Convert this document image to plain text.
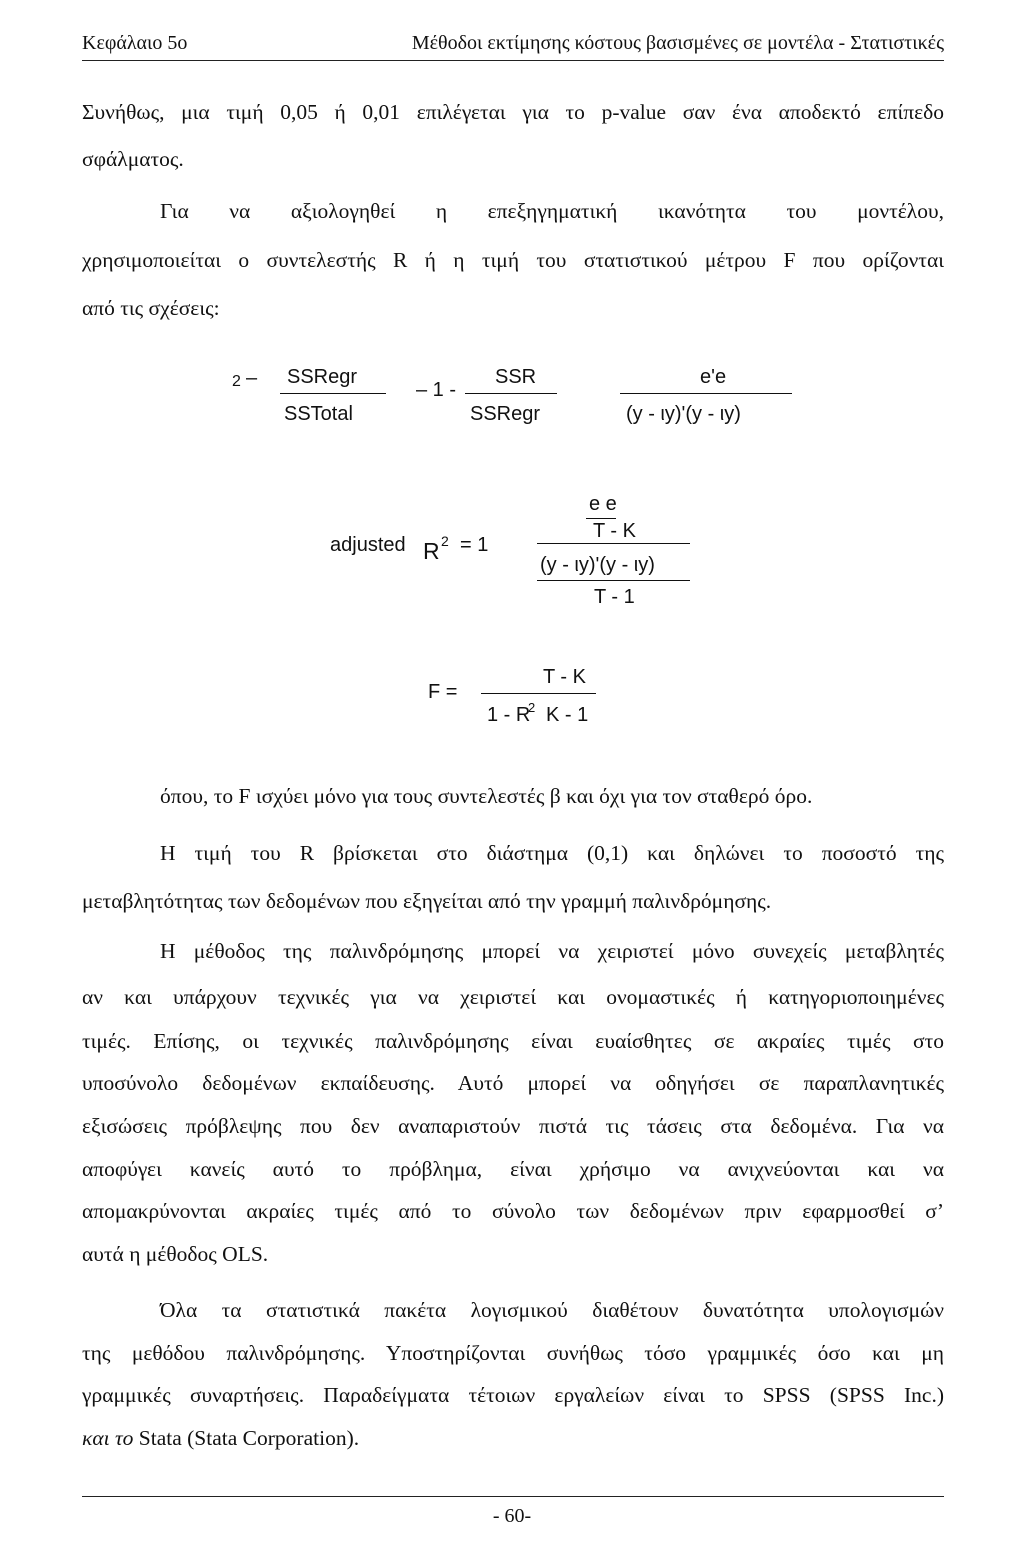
Κεφάλαιο 5ο	Μέθοδοι εκτίμησης κόστους βασισμένες σε μοντέλα - Στατιστικές
Συνήθως, μια τιμή 0,05 ή 0,01 επιλέγεται για το p-value σαν ένα αποδεκτό επίπεδο
σφάλματος.
Για να αξιολογηθεί η επεξηγηματική ικανότητα του μοντέλου,
χρησιμοποιείται ο συντελεστής R ή η τιμή του στατιστικού μέτρου F που ορίζονται
από τις σχέσεις:
2 – SSRegr
SSTotal
– 1 -
SSR
SSRegr
e'e
(y - ιy)'(y - ιy)
adjusted R 2 = 1
e e
T - K
(y - ιy)'(y - ιy)
T - 1
F =
T - K
1 - R
2 K - 1
όπου, το F ισχύει μόνο για τους συντελεστές β και όχι για τον σταθερό όρο.
Η τιμή του R βρίσκεται στο διάστημα (0,1) και δηλώνει το ποσοστό της
μεταβλητότητας των δεδομένων που εξηγείται από την γραμμή παλινδρόμησης.
Η μέθοδος της παλινδρόμησης μπορεί να χειριστεί μόνο συνεχείς μεταβλητές
αν και υπάρχουν τεχνικές για να χειριστεί και ονομαστικές ή κατηγοριοποιημένες
τιμές. Επίσης, οι τεχνικές παλινδρόμησης είναι ευαίσθητες σε ακραίες τιμές στο
υποσύνολο δεδομένων εκπαίδευσης. Αυτό μπορεί να οδηγήσει σε παραπλανητικές
εξισώσεις πρόβλεψης που δεν αναπαριστούν πιστά τις τάσεις στα δεδομένα. Για να
αποφύγει κανείς αυτό το πρόβλημα, είναι χρήσιμο να ανιχνεύονται και να
απομακρύνονται ακραίες τιμές από το σύνολο των δεδομένων πριν εφαρμοσθεί σ’
αυτά η μέθοδος OLS.
Όλα τα στατιστικά πακέτα λογισμικού διαθέτουν δυνατότητα υπολογισμών
της μεθόδου παλινδρόμησης. Υποστηρίζονται συνήθως τόσο γραμμικές όσο και μη
γραμμικές συναρτήσεις. Παραδείγματα τέτοιων εργαλείων είναι το SPSS (SPSS Inc.)
και το Stata (Stata Corporation).
- 60-
